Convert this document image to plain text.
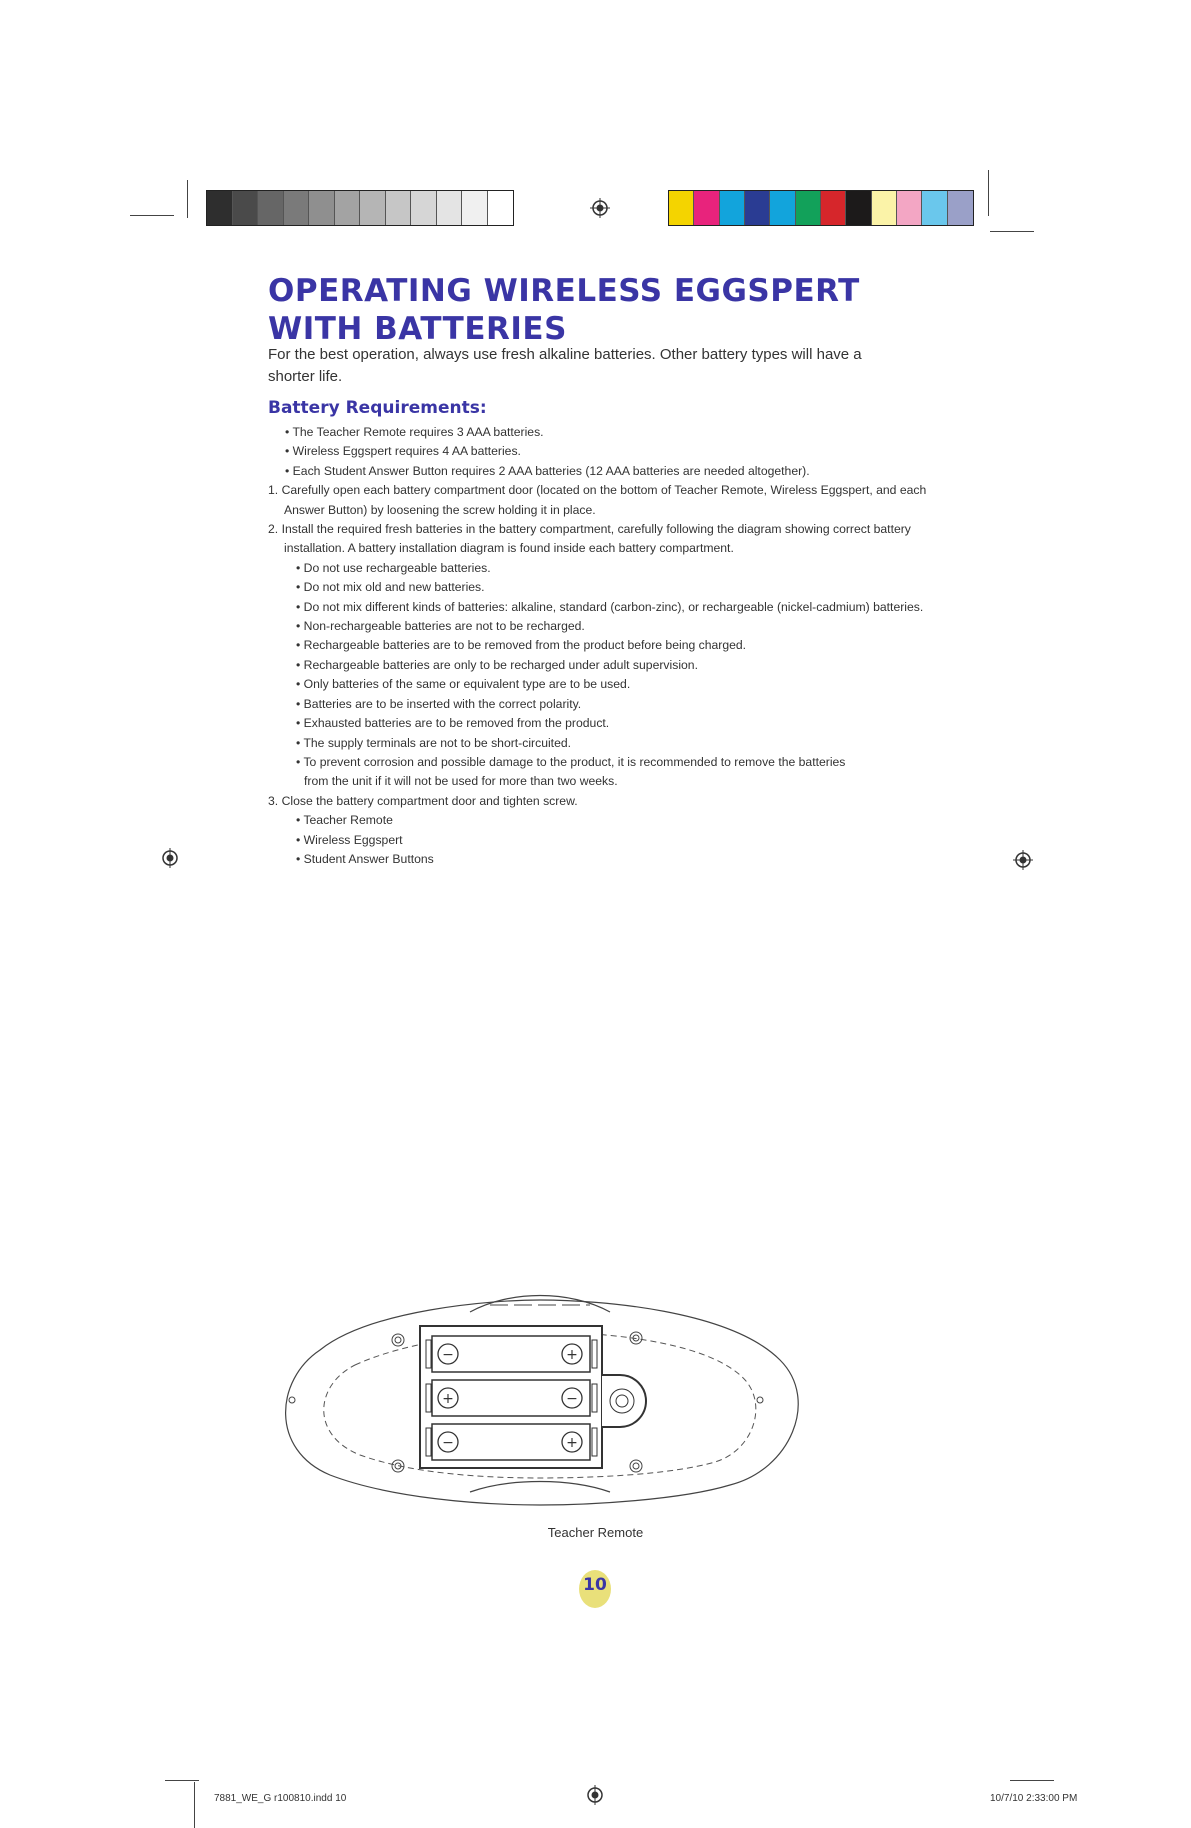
OPERATING WIRELESS EGGSPERT
WITH BATTERIES
For the best operation, always use fresh alkaline batteries. Other battery types will have a shorter life.
Battery Requirements:
• The Teacher Remote requires 3 AAA batteries.
• Wireless Eggspert requires 4 AA batteries.
• Each Student Answer Button requires 2 AAA batteries (12 AAA batteries are needed altogether).
1. Carefully open each battery compartment door (located on the bottom of Teacher Remote, Wireless Eggspert, and each Answer Button) by loosening the screw holding it in place.
2. Install the required fresh batteries in the battery compartment, carefully following the diagram showing correct battery installation. A battery installation diagram is found inside each battery compartment.
• Do not use rechargeable batteries.
• Do not mix old and new batteries.
• Do not mix different kinds of batteries: alkaline, standard (carbon-zinc), or rechargeable (nickel-cadmium) batteries.
• Non-rechargeable batteries are not to be recharged.
• Rechargeable batteries are to be removed from the product before being charged.
• Rechargeable batteries are only to be recharged under adult supervision.
• Only batteries of the same or equivalent type are to be used.
• Batteries are to be inserted with the correct polarity.
• Exhausted batteries are to be removed from the product.
• The supply terminals are not to be short-circuited.
• To prevent corrosion and possible damage to the product, it is recommended to remove the batteries from the unit if it will not be used for more than two weeks.
3. Close the battery compartment door and tighten screw.
• Teacher Remote
• Wireless Eggspert
• Student Answer Buttons
−	+
+	−
−	+
Teacher Remote
10
7881_WE_G r100810.indd 10	10/7/10 2:33:00 PM
